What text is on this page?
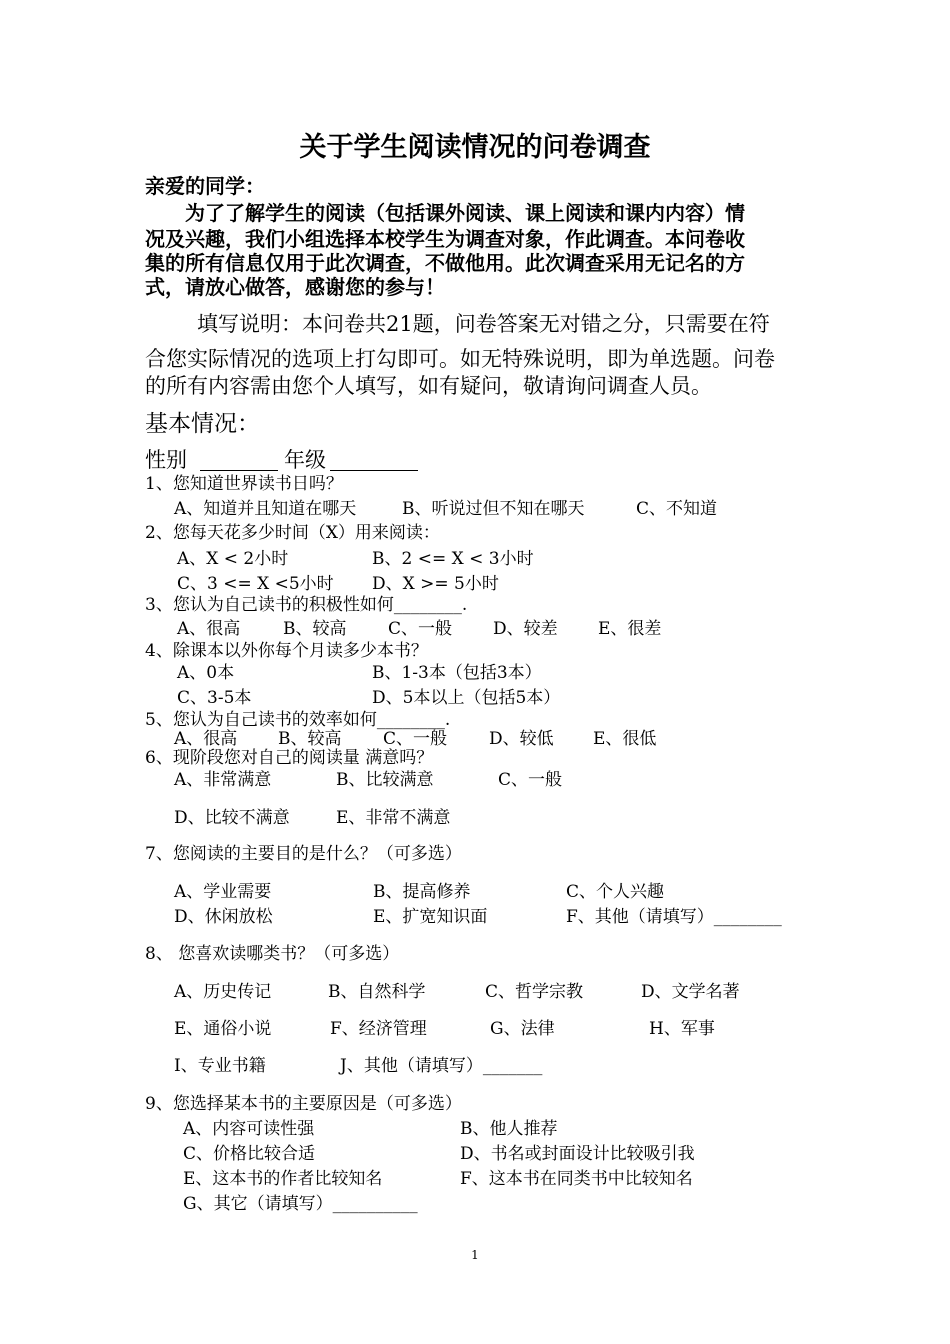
关于学生阅读情况的问卷调查
亲爱的同学：
为了了解学生的阅读（包括课外阅读、课上阅读和课内内容）情
况及兴趣，我们小组选择本校学生为调查对象，作此调查。本问卷收
集的所有信息仅用于此次调查，不做他用。此次调查采用无记名的方
式，请放心做答，感谢您的参与！
填写说明：本问卷共21题，问卷答案无对错之分，只需要在符
合您实际情况的选项上打勾即可。如无特殊说明，即为单选题。问卷
的所有内容需由您个人填写，如有疑问，敬请询问调查人员。
基本情况：
性别	年级
1、您知道世界读书日吗？
A、知道并且知道在哪天	B、听说过但不知在哪天	C、不知道
2、您每天花多少时间（X）用来阅读：
A、X < 2小时	B、2 <= X < 3小时
C、3 <= X <5小时 D、X >= 5小时
3、您认为自己读书的积极性如何________.
A、很高	B、较高 C、一般 D、较差 E、很差
4、除课本以外你每个月读多少本书？
A、0本	B、1-3本（包括3本）
C、3-5本	D、5本以上（包括5本）
5、您认为自己读书的效率如何________.
A、很高 B、较高 C、一般 D、较低 E、很低
6、现阶段您对自己的阅读量 满意吗？
A、非常满意	B、比较满意	C、一般
D、比较不满意	E、非常不满意
7、您阅读的主要目的是什么？（可多选）
A、学业需要	B、提高修养	C、个人兴趣
D、休闲放松	E、扩宽知识面	F、其他（请填写）________
8、 您喜欢读哪类书？（可多选）
A、历史传记	B、自然科学	C、哲学宗教	D、文学名著
E、通俗小说	F、经济管理	G、法律	H、军事
I、专业书籍	J、其他（请填写）_______
9、您选择某本书的主要原因是（可多选）
A、内容可读性强	B、他人推荐
C、价格比较合适	D、书名或封面设计比较吸引我
E、这本书的作者比较知名	F、这本书在同类书中比较知名
G、其它（请填写）__________
1
